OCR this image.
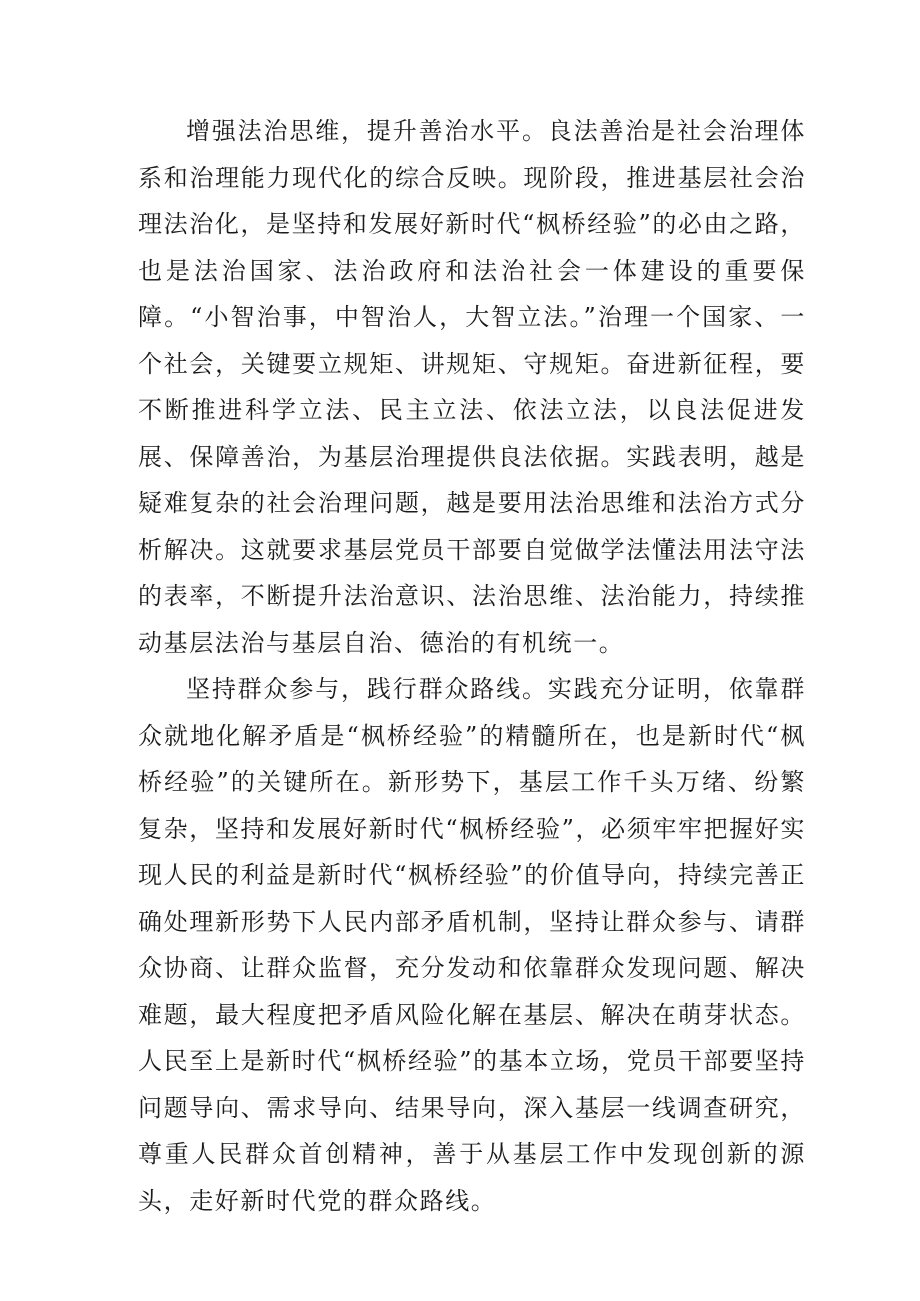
增强法治思维，提升善治水平。良法善治是社会治理体系和治理能力现代化的综合反映。现阶段，推进基层社会治理法治化，是坚持和发展好新时代“枫桥经验”的必由之路，也是法治国家、法治政府和法治社会一体建设的重要保障。“小智治事，中智治人，大智立法。”治理一个国家、一个社会，关键要立规矩、讲规矩、守规矩。奋进新征程，要不断推进科学立法、民主立法、依法立法，以良法促进发展、保障善治，为基层治理提供良法依据。实践表明，越是疑难复杂的社会治理问题，越是要用法治思维和法治方式分析解决。这就要求基层党员干部要自觉做学法懂法用法守法的表率，不断提升法治意识、法治思维、法治能力，持续推动基层法治与基层自治、德治的有机统一。

坚持群众参与，践行群众路线。实践充分证明，依靠群众就地化解矛盾是“枫桥经验”的精髓所在，也是新时代“枫桥经验”的关键所在。新形势下，基层工作千头万绪、纷繁复杂，坚持和发展好新时代“枫桥经验”，必须牢牢把握好实现人民的利益是新时代“枫桥经验”的价值导向，持续完善正确处理新形势下人民内部矛盾机制，坚持让群众参与、请群众协商、让群众监督，充分发动和依靠群众发现问题、解决难题，最大程度把矛盾风险化解在基层、解决在萌芽状态。人民至上是新时代“枫桥经验”的基本立场，党员干部要坚持问题导向、需求导向、结果导向，深入基层一线调查研究，尊重人民群众首创精神，善于从基层工作中发现创新的源头，走好新时代党的群众路线。
